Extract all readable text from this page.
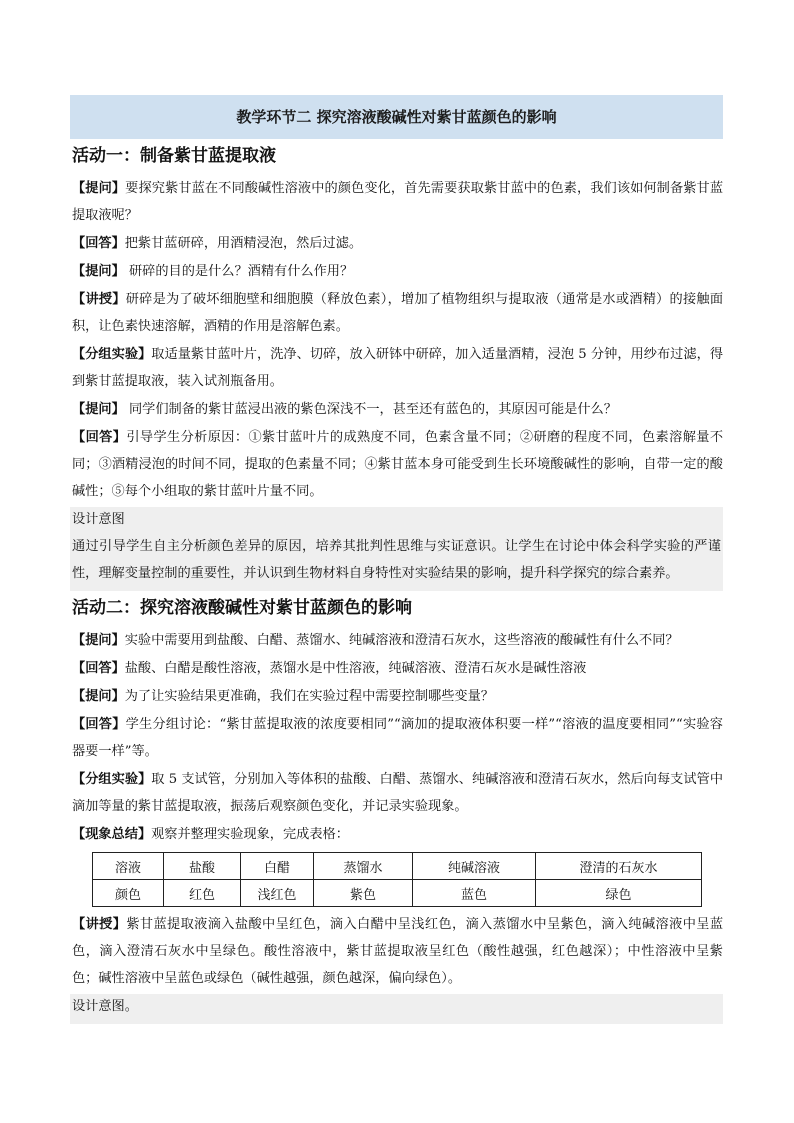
教学环节二 探究溶液酸碱性对紫甘蓝颜色的影响
活动一：制备紫甘蓝提取液

【 提问 】 要探究紫甘蓝在不同酸碱性溶液中的颜色变化，首先需要获取紫甘蓝中的色素，我们该如何制备紫甘蓝提取液呢？

【 回答 】 把紫甘蓝研碎，用酒精浸泡，然后过滤。

【 提问 】 研碎的目的是什么？酒精有什么作用？

【 讲授 】 研碎是为了破坏细胞壁和细胞膜（释放色素），增加了植物组织与提取液（通常是水或酒精）的接触面积，让色素快速溶解，酒精的作用是溶解色素。

【 分组实验 】 取适量紫甘蓝叶片，洗净、切碎，放入研钵中研碎，加入适量酒精，浸泡 5 分钟，用纱布过滤，得到紫甘蓝提取液，装入试剂瓶备用。

【 提问 】 同学们制备的紫甘蓝浸出液的紫色深浅不一，甚至还有蓝色的，其原因可能是什么？

【 回答 】 引导学生分析原因：①紫甘蓝叶片的成熟度不同，色素含量不同；②研磨的程度不同，色素溶解量不同；③酒精浸泡的时间不同，提取的色素量不同；④紫甘蓝本身可能受到生长环境酸碱性的影响，自带一定的酸碱性；⑤每个小组取的紫甘蓝叶片量不同。

设计意图
通过引导学生自主分析颜色差异的原因，培养其批判性思维与实证意识。让学生在讨论中体会科学实验的严谨性，理解变量控制的重要性，并认识到生物材料自身特性对实验结果的影响，提升科学探究的综合素养。
活动二：探究溶液酸碱性对紫甘蓝颜色的影响

【 提问 】 实验中需要用到盐酸、白醋、蒸馏水、纯碱溶液和澄清石灰水，这些溶液的酸碱性有什么不同？

【 回答 】 盐酸、白醋是酸性溶液，蒸馏水是中性溶液，纯碱溶液、澄清石灰水是碱性溶液

【 提问 】 为了让实验结果更准确，我们在实验过程中需要控制哪些变量？

【 回答 】 学生分组讨论：“紫甘蓝提取液的浓度要相同”“滴加的提取液体积要一样”“溶液的温度要相同”“实验容器要一样”等。

【 分组实验 】 取 5 支试管，分别加入等体积的盐酸、白醋、蒸馏水、纯碱溶液和澄清石灰水，然后向每支试管中滴加等量的紫甘蓝提取液，振荡后观察颜色变化，并记录实验现象。

【 现象总结 】 观察并整理实验现象，完成表格：

溶液	盐酸	白醋	蒸馏水	纯碱溶液	澄清的石灰水
颜色	红色	浅红色	紫色	蓝色	绿色

【 讲授 】 紫甘蓝提取液滴入盐酸中呈红色，滴入白醋中呈浅红色，滴入蒸馏水中呈紫色，滴入纯碱溶液中呈蓝色，滴入澄清石灰水中呈绿色。酸性溶液中，紫甘蓝提取液呈红色（酸性越强，红色越深）；中性溶液中呈紫色；碱性溶液中呈蓝色或绿色（碱性越强，颜色越深，偏向绿色）。

设计意图。
